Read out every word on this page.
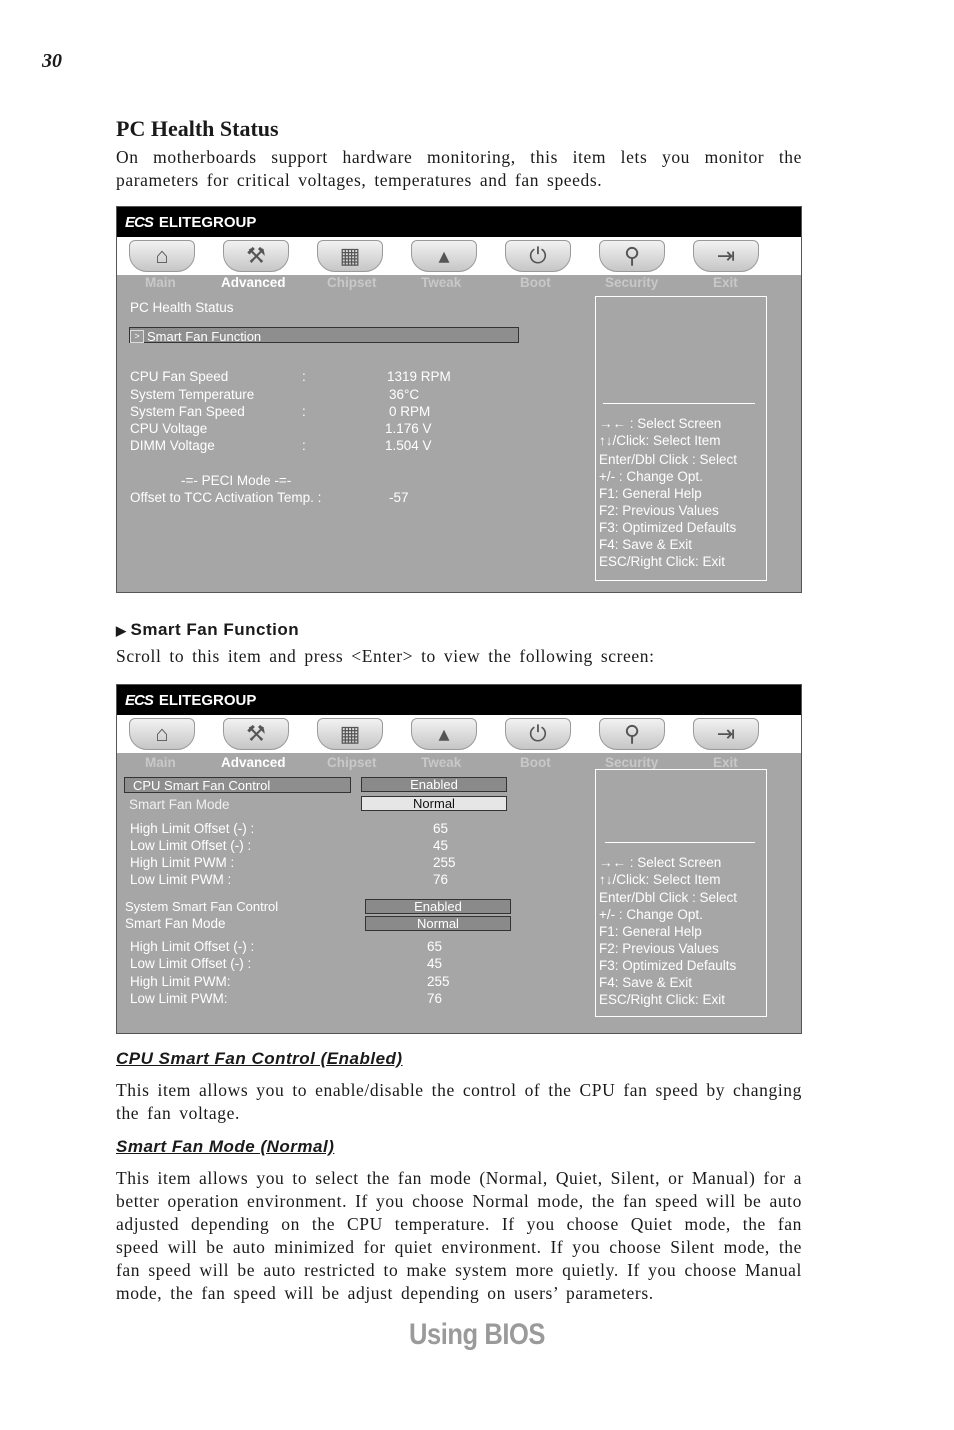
30
PC Health Status
On motherboards support hardware monitoring, this item lets you monitor the parameters for critical voltages, temperatures and fan speeds.
ECS ELITEGROUP
⌂	⚒	▦	▴	⏻	⚲	⇥
Main	Advanced	Chipset	Tweak	Boot	Security	Exit
PC Health Status
> Smart Fan Function
CPU Fan Speed	:	1319 RPM
System Temperature	36°C
System Fan Speed	:	0 RPM
CPU Voltage	1.176 V
DIMM Voltage	:	1.504 V
-=- PECI Mode -=-
Offset to TCC Activation Temp. :	-57
→← : Select Screen
↑↓/Click: Select Item
Enter/Dbl Click : Select
+/- : Change Opt.
F1: General Help
F2: Previous Values
F3: Optimized Defaults
F4: Save & Exit
ESC/Right Click: Exit
▶ Smart Fan Function
Scroll to this item and press <Enter> to view the following screen:
ECS ELITEGROUP
⌂	⚒	▦	▴	⏻	⚲	⇥
Main	Advanced	Chipset	Tweak	Boot	Security	Exit
CPU Smart Fan Control	Enabled
Smart Fan Mode	Normal
High Limit Offset (-) :	65
Low Limit Offset (-) :	45
High Limit PWM :	255
Low Limit PWM :	76
System Smart Fan Control	Enabled
Smart Fan Mode	Normal
High Limit Offset (-) :	65
Low Limit Offset (-) :	45
High Limit PWM:	255
Low Limit PWM:	76
→← : Select Screen
↑↓/Click: Select Item
Enter/Dbl Click : Select
+/- : Change Opt.
F1: General Help
F2: Previous Values
F3: Optimized Defaults
F4: Save & Exit
ESC/Right Click: Exit
CPU Smart Fan Control (Enabled)
This item allows you to enable/disable the control of the CPU fan speed by changing the fan voltage.
Smart Fan Mode (Normal)
This item allows you to select the fan mode (Normal, Quiet, Silent, or Manual) for a better operation environment. If you choose Normal mode, the fan speed will be auto adjusted depending on the CPU temperature. If you choose Quiet mode, the fan speed will be auto minimized for quiet environment. If you choose Silent mode, the fan speed will be auto restricted to make system more quietly. If you choose Manual mode, the fan speed will be adjust depending on users’ parameters.
Using BIOS
